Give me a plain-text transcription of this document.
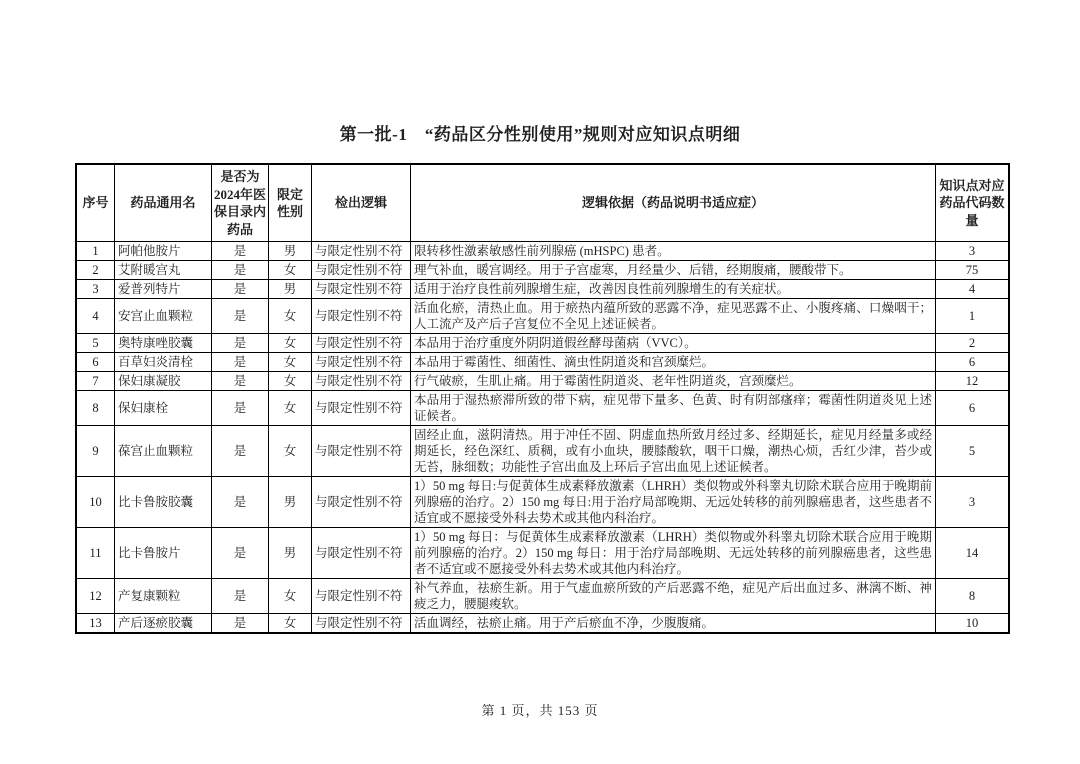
第一批-1　“药品区分性别使用”规则对应知识点明细
序号	药品通用名	是否为2024年医保目录内药品	限定性别	检出逻辑	逻辑依据（药品说明书适应症）	知识点对应药品代码数量
1	阿帕他胺片	是	男	与限定性别不符	限转移性激素敏感性前列腺癌 (mHSPC) 患者。	3
2	艾附暖宫丸	是	女	与限定性别不符	理气补血，暖宫调经。用于子宫虚寒，月经量少、后错，经期腹痛，腰酸带下。	75
3	爱普列特片	是	男	与限定性别不符	适用于治疗良性前列腺增生症，改善因良性前列腺增生的有关症状。	4
4	安宫止血颗粒	是	女	与限定性别不符	活血化瘀，清热止血。用于瘀热内蕴所致的恶露不净，症见恶露不止、小腹疼痛、口燥咽干；人工流产及产后子宫复位不全见上述证候者。	1
5	奥特康唑胶囊	是	女	与限定性别不符	本品用于治疗重度外阴阴道假丝酵母菌病（VVC）。	2
6	百草妇炎清栓	是	女	与限定性别不符	本品用于霉菌性、细菌性、滴虫性阴道炎和宫颈糜烂。	6
7	保妇康凝胶	是	女	与限定性别不符	行气破瘀，生肌止痛。用于霉菌性阴道炎、老年性阴道炎，宫颈糜烂。	12
8	保妇康栓	是	女	与限定性别不符	本品用于湿热瘀滞所致的带下病，症见带下量多、色黄、时有阴部瘙痒；霉菌性阴道炎见上述证候者。	6
9	葆宫止血颗粒	是	女	与限定性别不符	固经止血，滋阴清热。用于冲任不固、阴虚血热所致月经过多、经期延长，症见月经量多或经期延长，经色深红、质稠，或有小血块，腰膝酸软，咽干口燥，潮热心烦，舌红少津，苔少或无苔，脉细数；功能性子宫出血及上环后子宫出血见上述证候者。	5
10	比卡鲁胺胶囊	是	男	与限定性别不符	1）50 mg 每日:与促黄体生成素释放激素（LHRH）类似物或外科睾丸切除术联合应用于晚期前列腺癌的治疗。2）150 mg 每日:用于治疗局部晚期、无远处转移的前列腺癌患者，这些患者不适宜或不愿接受外科去势术或其他内科治疗。	3
11	比卡鲁胺片	是	男	与限定性别不符	1）50 mg 每日：与促黄体生成素释放激素（LHRH）类似物或外科睾丸切除术联合应用于晚期前列腺癌的治疗。2）150 mg 每日：用于治疗局部晚期、无远处转移的前列腺癌患者，这些患者不适宜或不愿接受外科去势术或其他内科治疗。	14
12	产复康颗粒	是	女	与限定性别不符	补气养血，祛瘀生新。用于气虚血瘀所致的产后恶露不绝，症见产后出血过多、淋漓不断、神疲乏力，腰腿痠软。	8
13	产后逐瘀胶囊	是	女	与限定性别不符	活血调经，祛瘀止痛。用于产后瘀血不净，少腹腹痛。	10
第 1 页，共 153 页
